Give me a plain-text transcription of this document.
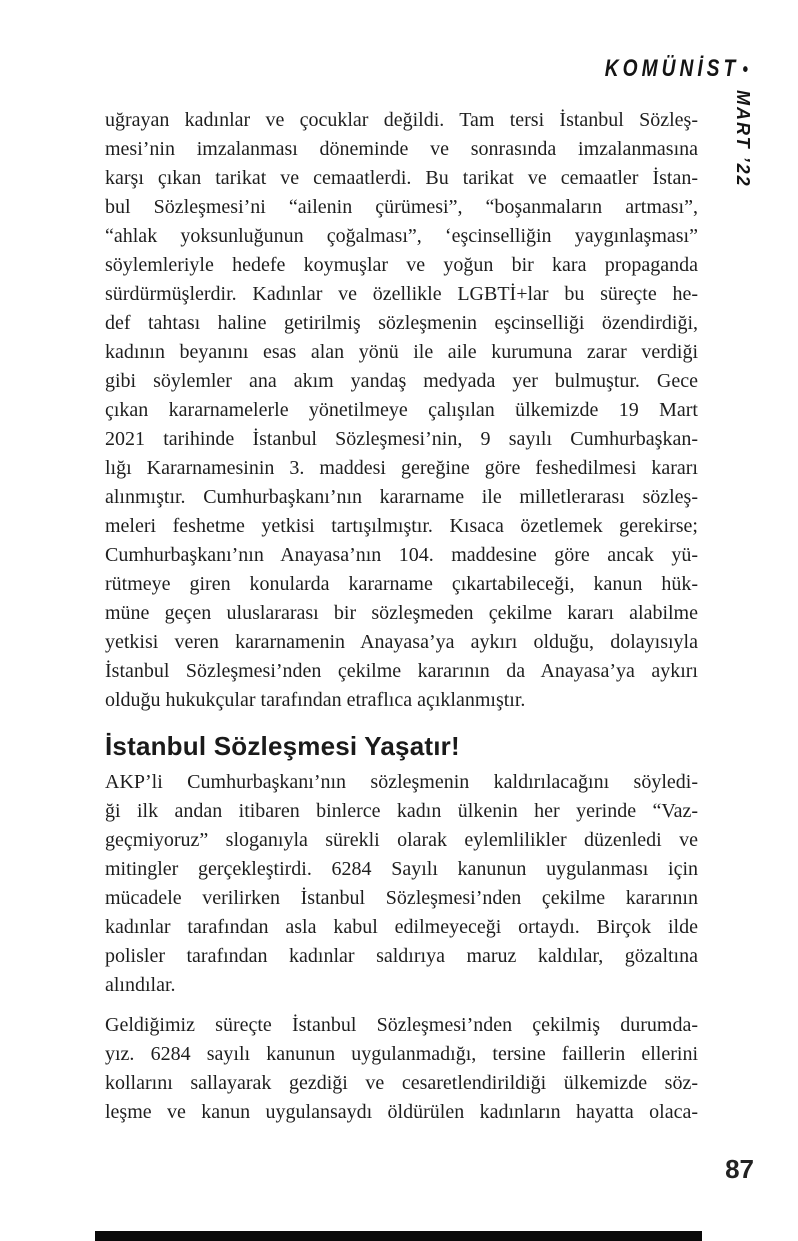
KOMÜNİST •
MART ’22
uğrayan kadınlar ve çocuklar değildi. Tam tersi İstanbul Sözleş-
mesi’nin imzalanması döneminde ve sonrasında imzalanmasına
karşı çıkan tarikat ve cemaatlerdi. Bu tarikat ve cemaatler İstan-
bul Sözleşmesi’ni “ailenin çürümesi”, “boşanmaların artması”,
“ahlak yoksunluğunun çoğalması”, ‘eşcinselliğin yaygınlaşması”
söylemleriyle hedefe koymuşlar ve yoğun bir kara propaganda
sürdürmüşlerdir. Kadınlar ve özellikle LGBTİ+lar bu süreçte he-
def tahtası haline getirilmiş sözleşmenin eşcinselliği özendirdiği,
kadının beyanını esas alan yönü ile aile kurumuna zarar verdiği
gibi söylemler ana akım yandaş medyada yer bulmuştur. Gece
çıkan kararnamelerle yönetilmeye çalışılan ülkemizde 19 Mart
2021 tarihinde İstanbul Sözleşmesi’nin, 9 sayılı Cumhurbaşkan-
lığı Kararnamesinin 3. maddesi gereğine göre feshedilmesi kararı
alınmıştır. Cumhurbaşkanı’nın kararname ile milletlerarası sözleş-
meleri feshetme yetkisi tartışılmıştır. Kısaca özetlemek gerekirse;
Cumhurbaşkanı’nın Anayasa’nın 104. maddesine göre ancak yü-
rütmeye giren konularda kararname çıkartabileceği, kanun hük-
müne geçen uluslararası bir sözleşmeden çekilme kararı alabilme
yetkisi veren kararnamenin Anayasa’ya aykırı olduğu, dolayısıyla
İstanbul Sözleşmesi’nden çekilme kararının da Anayasa’ya aykırı
olduğu hukukçular tarafından etraflıca açıklanmıştır.
İstanbul Sözleşmesi Yaşatır!
AKP’li Cumhurbaşkanı’nın sözleşmenin kaldırılacağını söyledi-
ği ilk andan itibaren binlerce kadın ülkenin her yerinde “Vaz-
geçmiyoruz” sloganıyla sürekli olarak eylemlilikler düzenledi ve
mitingler gerçekleştirdi. 6284 Sayılı kanunun uygulanması için
mücadele verilirken İstanbul Sözleşmesi’nden çekilme kararının
kadınlar tarafından asla kabul edilmeyeceği ortaydı. Birçok ilde
polisler tarafından kadınlar saldırıya maruz kaldılar, gözaltına
alındılar.
Geldiğimiz süreçte İstanbul Sözleşmesi’nden çekilmiş durumda-
yız. 6284 sayılı kanunun uygulanmadığı, tersine faillerin ellerini
kollarını sallayarak gezdiği ve cesaretlendirildiği ülkemizde söz-
leşme ve kanun uygulansaydı öldürülen kadınların hayatta olaca-
87
